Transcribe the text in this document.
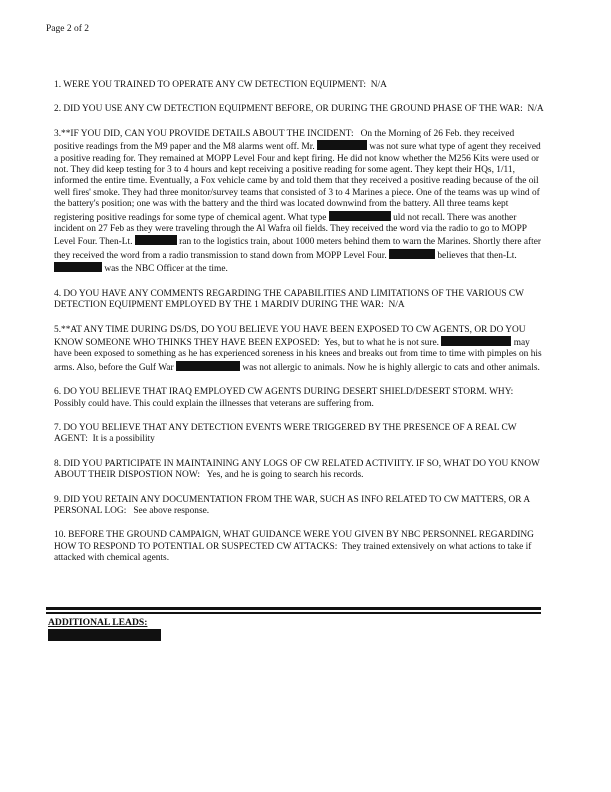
Page 2 of 2

1. WERE YOU TRAINED TO OPERATE ANY CW DETECTION EQUIPMENT: N/A

2. DID YOU USE ANY CW DETECTION EQUIPMENT BEFORE, OR DURING THE GROUND PHASE OF THE WAR: N/A

3.**IF YOU DID, CAN YOU PROVIDE DETAILS ABOUT THE INCIDENT: On the Morning of 26 Feb. they received positive readings from the M9 paper and the M8 alarms went off. Mr.	was not sure what type of agent they received a positive reading for. They remained at MOPP Level Four and kept firing. He did not know whether the M256 Kits were used or not. They did keep testing for 3 to 4 hours and kept receiving a positive reading for some agent. They kept their HQs, 1/11, informed the entire time. Eventually, a Fox vehicle came by and told them that they received a positive reading because of the oil well fires' smoke. They had three monitor/survey teams that consisted of 3 to 4 Marines a piece. One of the teams was up wind of the battery's position; one was with the battery and the third was located downwind from the battery. All three teams kept registering positive readings for some type of chemical agent. What type	uld not recall. There was another incident on 27 Feb as they were traveling through the Al Wafra oil fields. They received the word via the radio to go to MOPP Level Four. Then-Lt.	ran to the logistics train, about 1000 meters behind them to warn the Marines. Shortly there after they received the word from a radio transmission to stand down from MOPP Level Four.	believes that then-Lt.  was the NBC Officer at the time.

4. DO YOU HAVE ANY COMMENTS REGARDING THE CAPABILITIES AND LIMITATIONS OF THE VARIOUS CW DETECTION EQUIPMENT EMPLOYED BY THE 1 MARDIV DURING THE WAR: N/A

5.**AT ANY TIME DURING DS/DS, DO YOU BELIEVE YOU HAVE BEEN EXPOSED TO CW AGENTS, OR DO YOU KNOW SOMEONE WHO THINKS THEY HAVE BEEN EXPOSED: Yes, but to what he is not sure.	may have been exposed to something as he has experienced soreness in his knees and breaks out from time to time with pimples on his arms. Also, before the Gulf War	was not allergic to animals. Now he is highly allergic to cats and other animals.

6. DO YOU BELIEVE THAT IRAQ EMPLOYED CW AGENTS DURING DESERT SHIELD/DESERT STORM. WHY:    Possibly could have. This could explain the illnesses that veterans are suffering from.

7. DO YOU BELIEVE THAT ANY DETECTION EVENTS WERE TRIGGERED BY THE PRESENCE OF A REAL CW AGENT: It is a possibility

8. DID YOU PARTICIPATE IN MAINTAINING ANY LOGS OF CW RELATED ACTIVIITY. IF SO, WHAT DO YOU KNOW ABOUT THEIR DISPOSTION NOW: Yes, and he is going to search his records.

9. DID YOU RETAIN ANY DOCUMENTATION FROM THE WAR, SUCH AS INFO RELATED TO CW MATTERS, OR A PERSONAL LOG: See above response.

10. BEFORE THE GROUND CAMPAIGN, WHAT GUIDANCE WERE YOU GIVEN BY NBC PERSONNEL REGARDING HOW TO RESPOND TO POTENTIAL OR SUSPECTED CW ATTACKS: They trained extensively on what actions to take if attacked with chemical agents.

ADDITIONAL LEADS:
